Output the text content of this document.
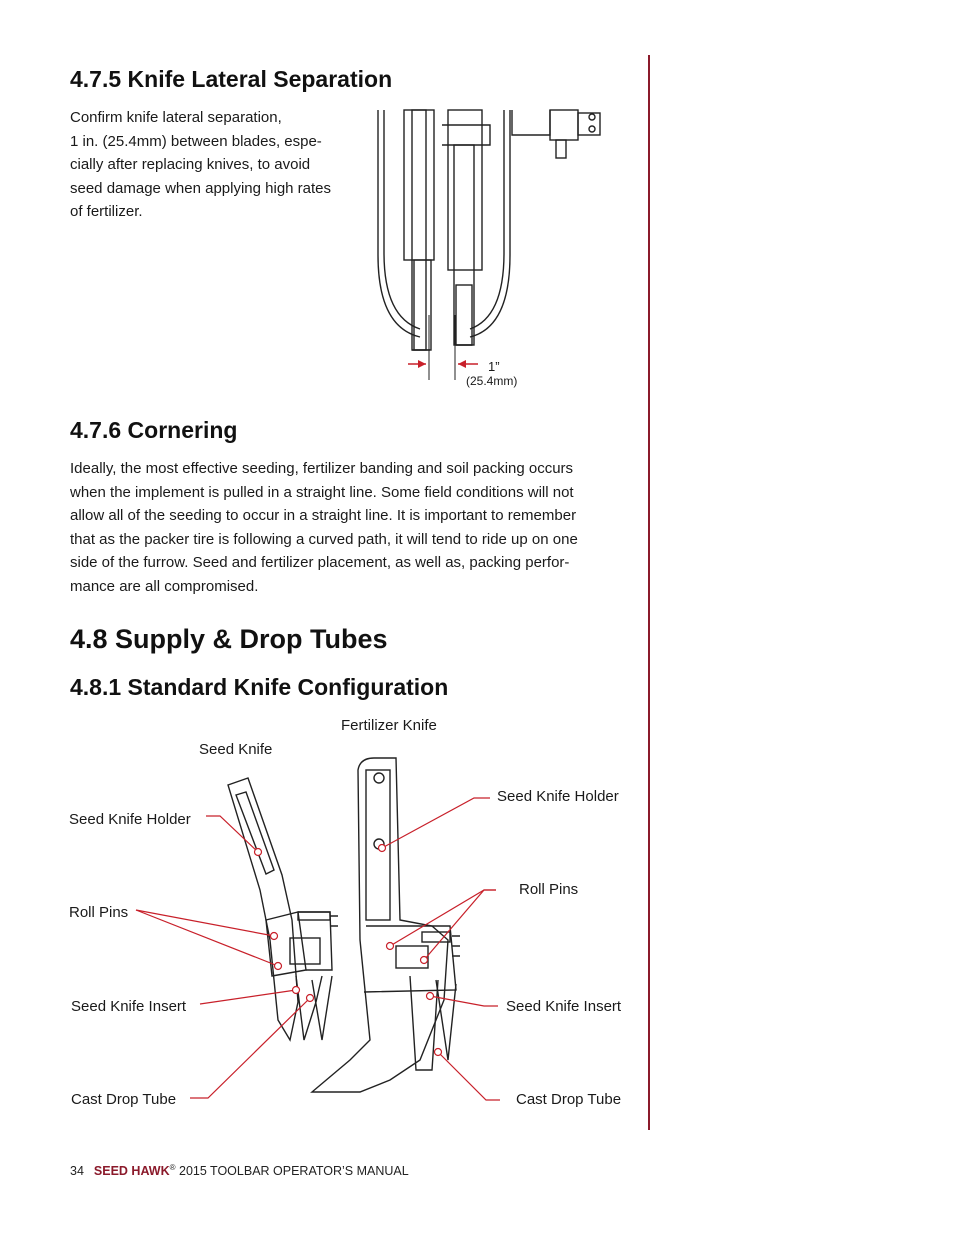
4.7.5 Knife Lateral Separation
Confirm knife lateral separation,
1 in. (25.4mm) between blades, espe-
cially after replacing knives, to avoid
seed damage when applying high rates
of fertilizer.
1”
(25.4mm)
4.7.6 Cornering
Ideally, the most effective seeding, fertilizer banding and soil packing occurs
when the implement is pulled in a straight line. Some field conditions will not
allow all of the seeding to occur in a straight line. It is important to remember
that as the packer tire is following a curved path, it will tend to ride up on one
side of the furrow. Seed and fertilizer placement, as well as, packing perfor-
mance are all compromised.
4.8 Supply & Drop Tubes
4.8.1 Standard Knife Configuration
Fertilizer Knife
Seed Knife
Seed Knife Holder
Seed Knife Holder
Roll Pins
Roll Pins
Seed Knife Insert	Seed Knife Insert
Cast Drop Tube	Cast Drop Tube
34 SEED HAWK® 2015 TOOLBAR OPERATOR’S MANUAL
